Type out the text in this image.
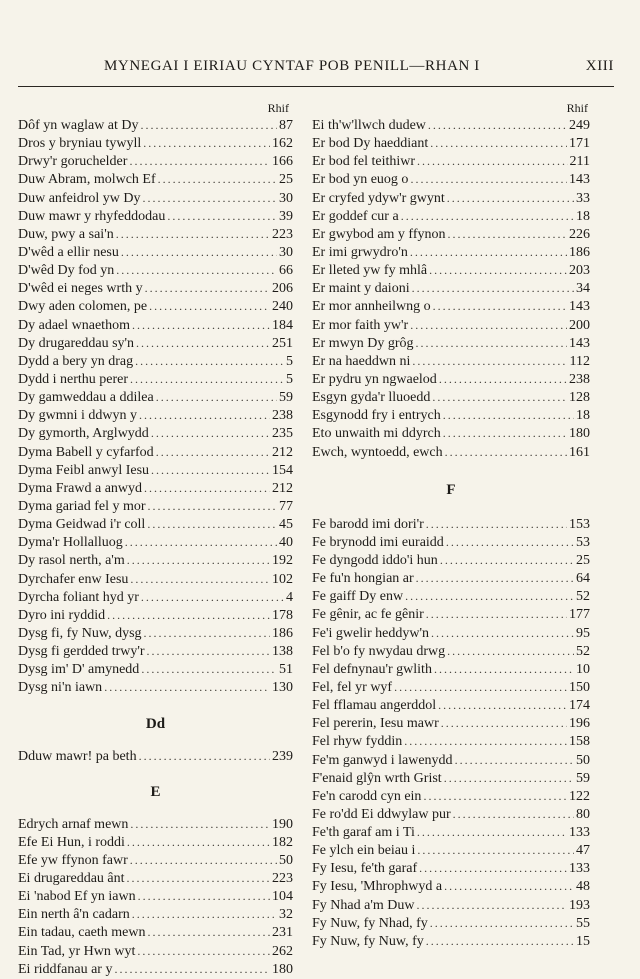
MYNEGAI I EIRIAU CYNTAF POB PENILL—RHAN I	XIII
Rhif
Dôf yn waglaw at Dy .....	87
Dros y bryniau tywyll .....	162
Drwy'r goruchelder .....	166
Duw Abram, molwch Ef .....	25
Duw anfeidrol yw Dy .....	30
Duw mawr y rhyfeddodau .....	39
Duw, pwy a sai'n .....	223
D'wêd a ellir nesu .....	30
D'wêd Dy fod yn .....	66
D'wêd ei neges wrth y .....	206
Dwy aden colomen, pe .....	240
Dy adael wnaethom .....	184
Dy drugareddau sy'n .....	251
Dydd a bery yn drag .....	5
Dydd i nerthu perer .....	5
Dy gamweddau a ddilea .....	59
Dy gwmni i ddwyn y .....	238
Dy gymorth, Arglwydd .....	235
Dyma Babell y cyfarfod .....	212
Dyma Feibl anwyl Iesu .....	154
Dyma Frawd a anwyd .....	212
Dyma gariad fel y mor .....	77
Dyma Geidwad i'r coll .....	45
Dyma'r Hollalluog .....	40
Dy rasol nerth, a'm .....	192
Dyrchafer enw Iesu .....	102
Dyrcha foliant hyd yr .....	4
Dyro ini ryddid .....	178
Dysg fi, fy Nuw, dysg .....	186
Dysg fi gerdded trwy'r .....	138
Dysg im' D' amynedd .....	51
Dysg ni'n iawn .....	130
Dd
Dduw mawr! pa beth .....	239
E
Edrych arnaf mewn .....	190
Efe Ei Hun, i roddi .....	182
Efe yw ffynon fawr .....	50
Ei drugareddau ânt .....	223
Ei 'nabod Ef yn iawn .....	104
Ein nerth â'n cadarn .....	32
Ein tadau, caeth mewn .....	231
Ein Tad, yr Hwn wyt .....	262
Ei riddfanau ar y .....	180
Rhif
Ei th'w'llwch dudew .....	249
Er bod Dy haeddiant .....	171
Er bod fel teithiwr .....	211
Er bod yn euog o .....	143
Er cryfed ydyw'r gwynt .....	33
Er goddef cur a .....	18
Er gwybod am y ffynon .....	226
Er imi grwydro'n .....	186
Er lleted yw fy mhlâ .....	203
Er maint y daioni .....	34
Er mor annheilwng o .....	143
Er mor faith yw'r .....	200
Er mwyn Dy grôg .....	143
Er na haeddwn ni .....	112
Er pydru yn ngwaelod .....	238
Esgyn gyda'r lluoedd .....	128
Esgynodd fry i entrych .....	18
Eto unwaith mi ddyrch .....	180
Ewch, wyntoedd, ewch .....	161
F
Fe barodd imi dori'r .....	153
Fe brynodd imi euraidd .....	53
Fe dyngodd iddo'i hun .....	25
Fe fu'n hongian ar .....	64
Fe gaiff Dy enw .....	52
Fe gênir, ac fe gênir .....	177
Fe'i gwelir heddyw'n .....	95
Fel b'o fy nwydau drwg .....	52
Fel defnynau'r gwlith .....	10
Fel, fel yr wyf .....	150
Fel fflamau angerddol .....	174
Fel pererin, Iesu mawr .....	196
Fel rhyw fyddin .....	158
Fe'm ganwyd i lawenydd .....	50
F'enaid glŷn wrth Grist .....	59
Fe'n carodd cyn ein .....	122
Fe ro'dd Ei ddwylaw pur .....	80
Fe'th garaf am i Ti .....	133
Fe ylch ein beiau i .....	47
Fy Iesu, fe'th garaf .....	133
Fy Iesu, 'Mhrophwyd a .....	48
Fy Nhad a'm Duw .....	193
Fy Nuw, fy Nhad, fy .....	55
Fy Nuw, fy Nuw, fy .....	15
